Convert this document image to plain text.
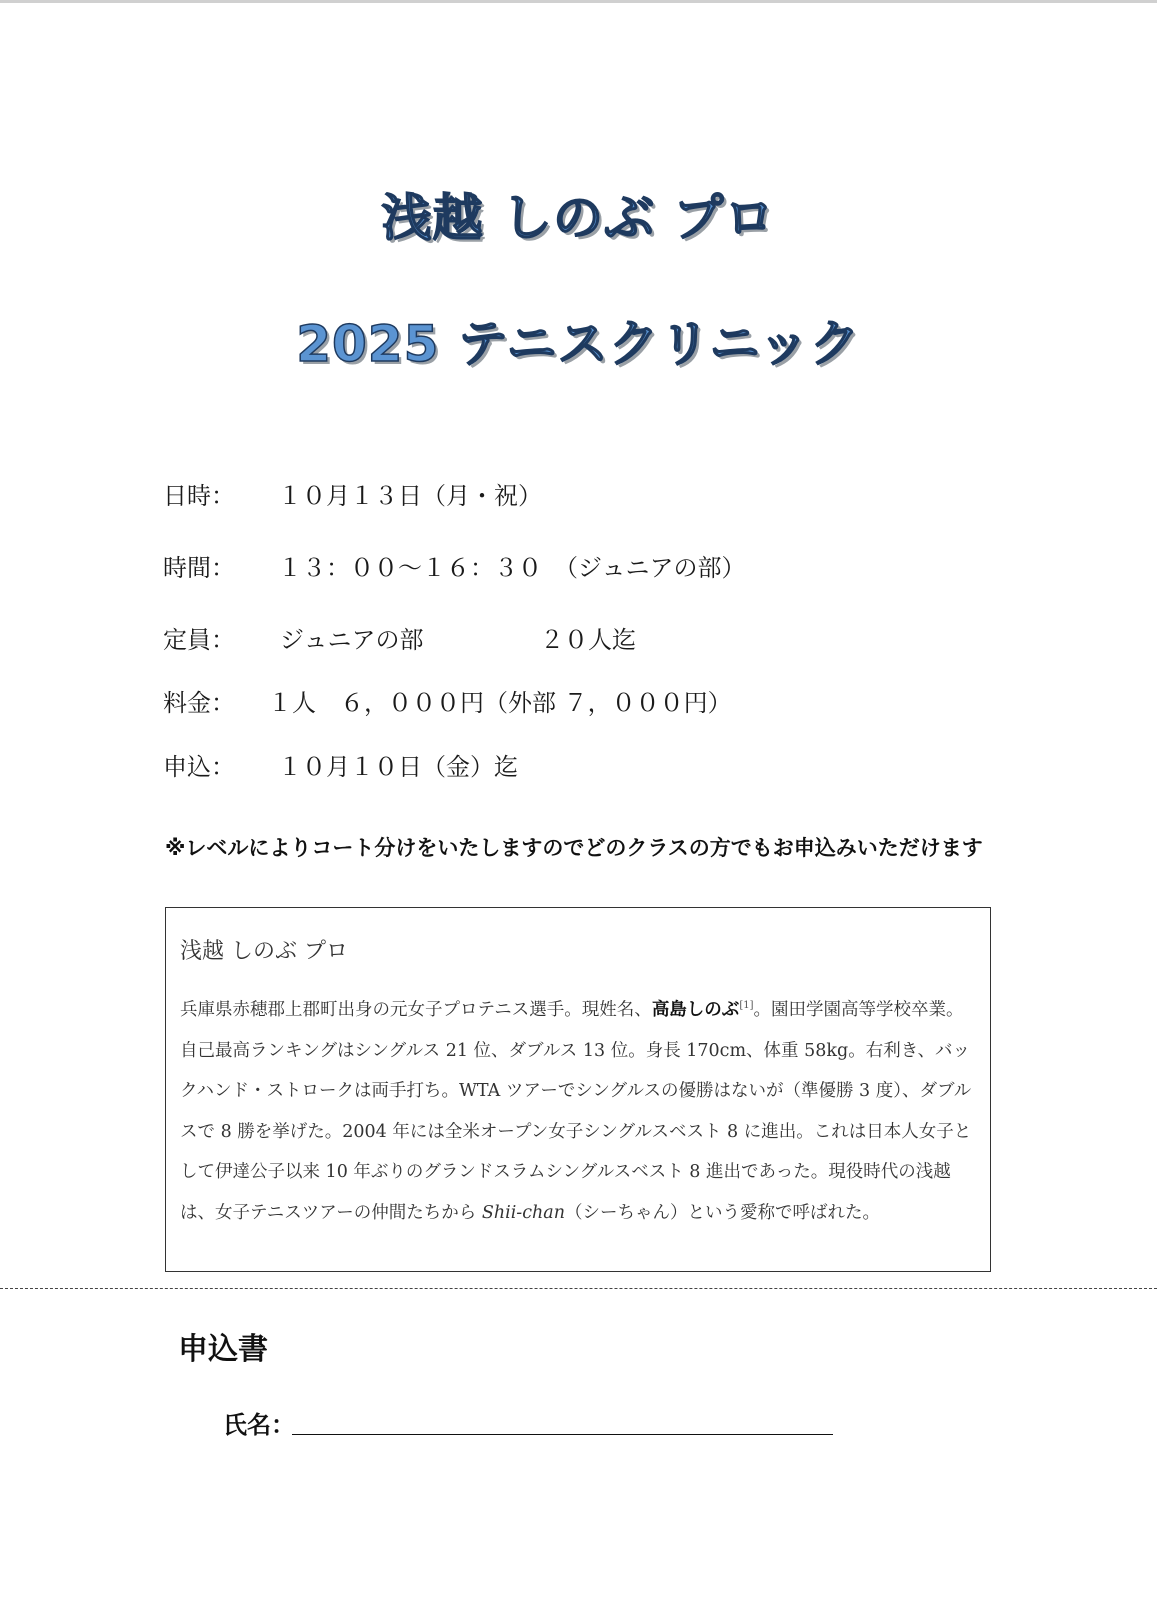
浅越 しのぶ プロ
2025 テニスクリニック
日時： １０月１３日（月・祝）
時間： １３：００～１６：３０　（ジュニアの部）
定員： ジュニアの部	２０人迄
料金： １人　６，０００円（外部 ７，０００円）
申込： １０月１０日（金）迄
※レベルによりコート分けをいたしますのでどのクラスの方でもお申込みいただけます
浅越 しのぶ プロ
兵庫県赤穂郡上郡町出身の元女子プロテニス選手。現姓名、高島しのぶ[1]。園田学園高等学校卒業。自己最高ランキングはシングルス 21 位、ダブルス 13 位。身長 170cm、体重 58kg。右利き、バックハンド・ストロークは両手打ち。WTA ツアーでシングルスの優勝はないが（準優勝 3 度）、ダブルスで 8 勝を挙げた。2004 年には全米オープン女子シングルスベスト 8 に進出。これは日本人女子として伊達公子以来 10 年ぶりのグランドスラムシングルスベスト 8 進出であった。現役時代の浅越は、女子テニスツアーの仲間たちから Shii-chan（シーちゃん）という愛称で呼ばれた。
申込書
氏名：
